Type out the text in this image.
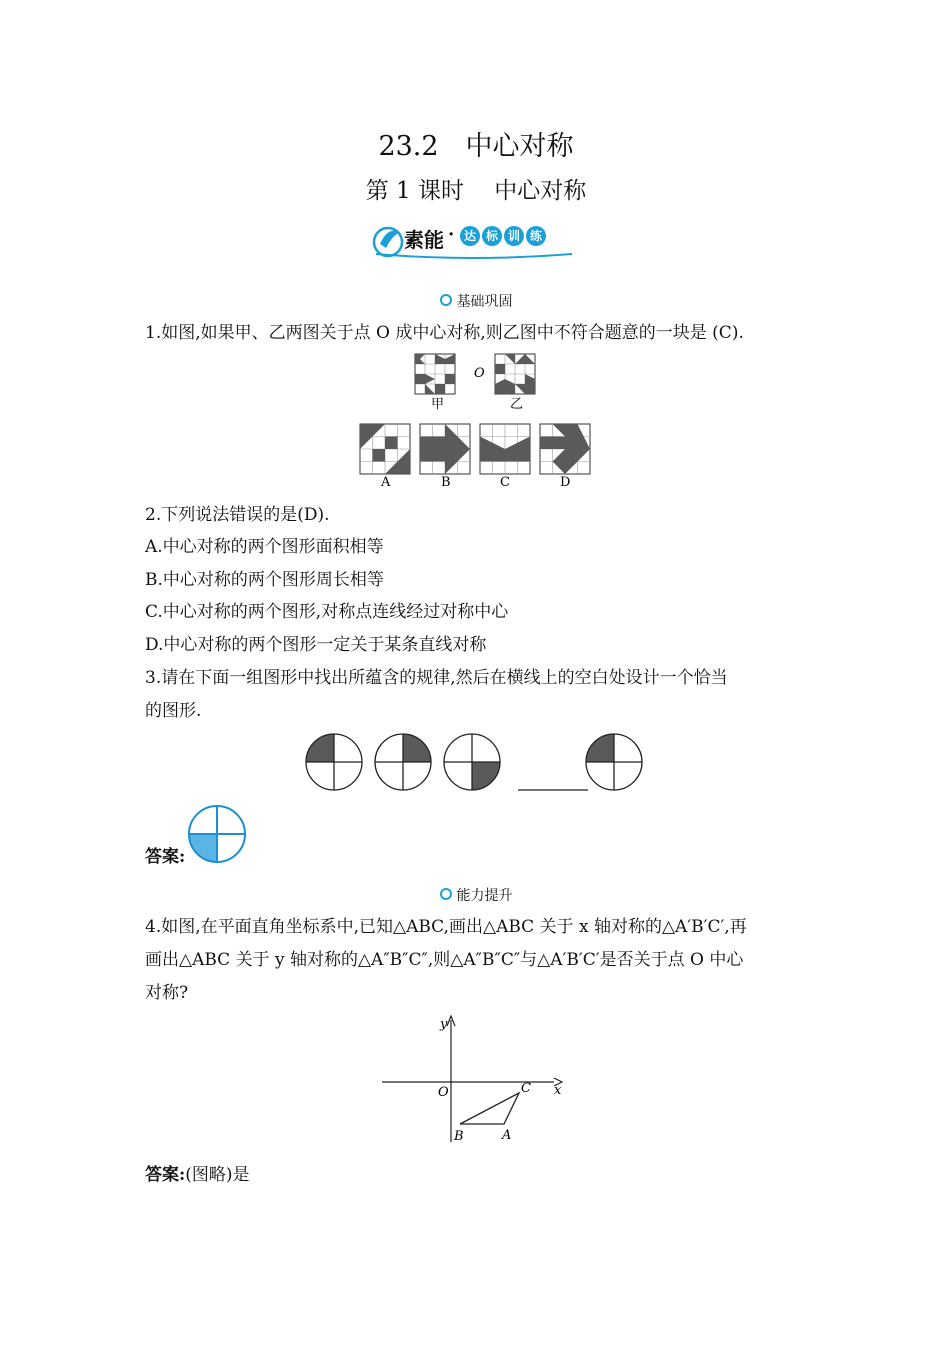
23.2　中心对称
第 1 课时　 中心对称
素能 · 达 标 训 练
基础巩固
1.如图,如果甲、乙两图关于点 O 成中心对称,则乙图中不符合题意的一块是 (C).
O
甲	乙
A	B	C	D
2.下列说法错误的是(D).
A.中心对称的两个图形面积相等
B.中心对称的两个图形周长相等
C.中心对称的两个图形,对称点连线经过对称中心
D.中心对称的两个图形一定关于某条直线对称
3.请在下面一组图形中找出所蕴含的规律,然后在横线上的空白处设计一个恰当
的图形.
答案:
能力提升
4.如图,在平面直角坐标系中,已知△ABC,画出△ABC 关于 x 轴对称的△A′B′C′,再
画出△ABC 关于 y 轴对称的△A″B″C″,则△A″B″C″与△A′B′C′是否关于点 O 中心
对称?
x
y
O	C
B	A
答案:(图略)是
